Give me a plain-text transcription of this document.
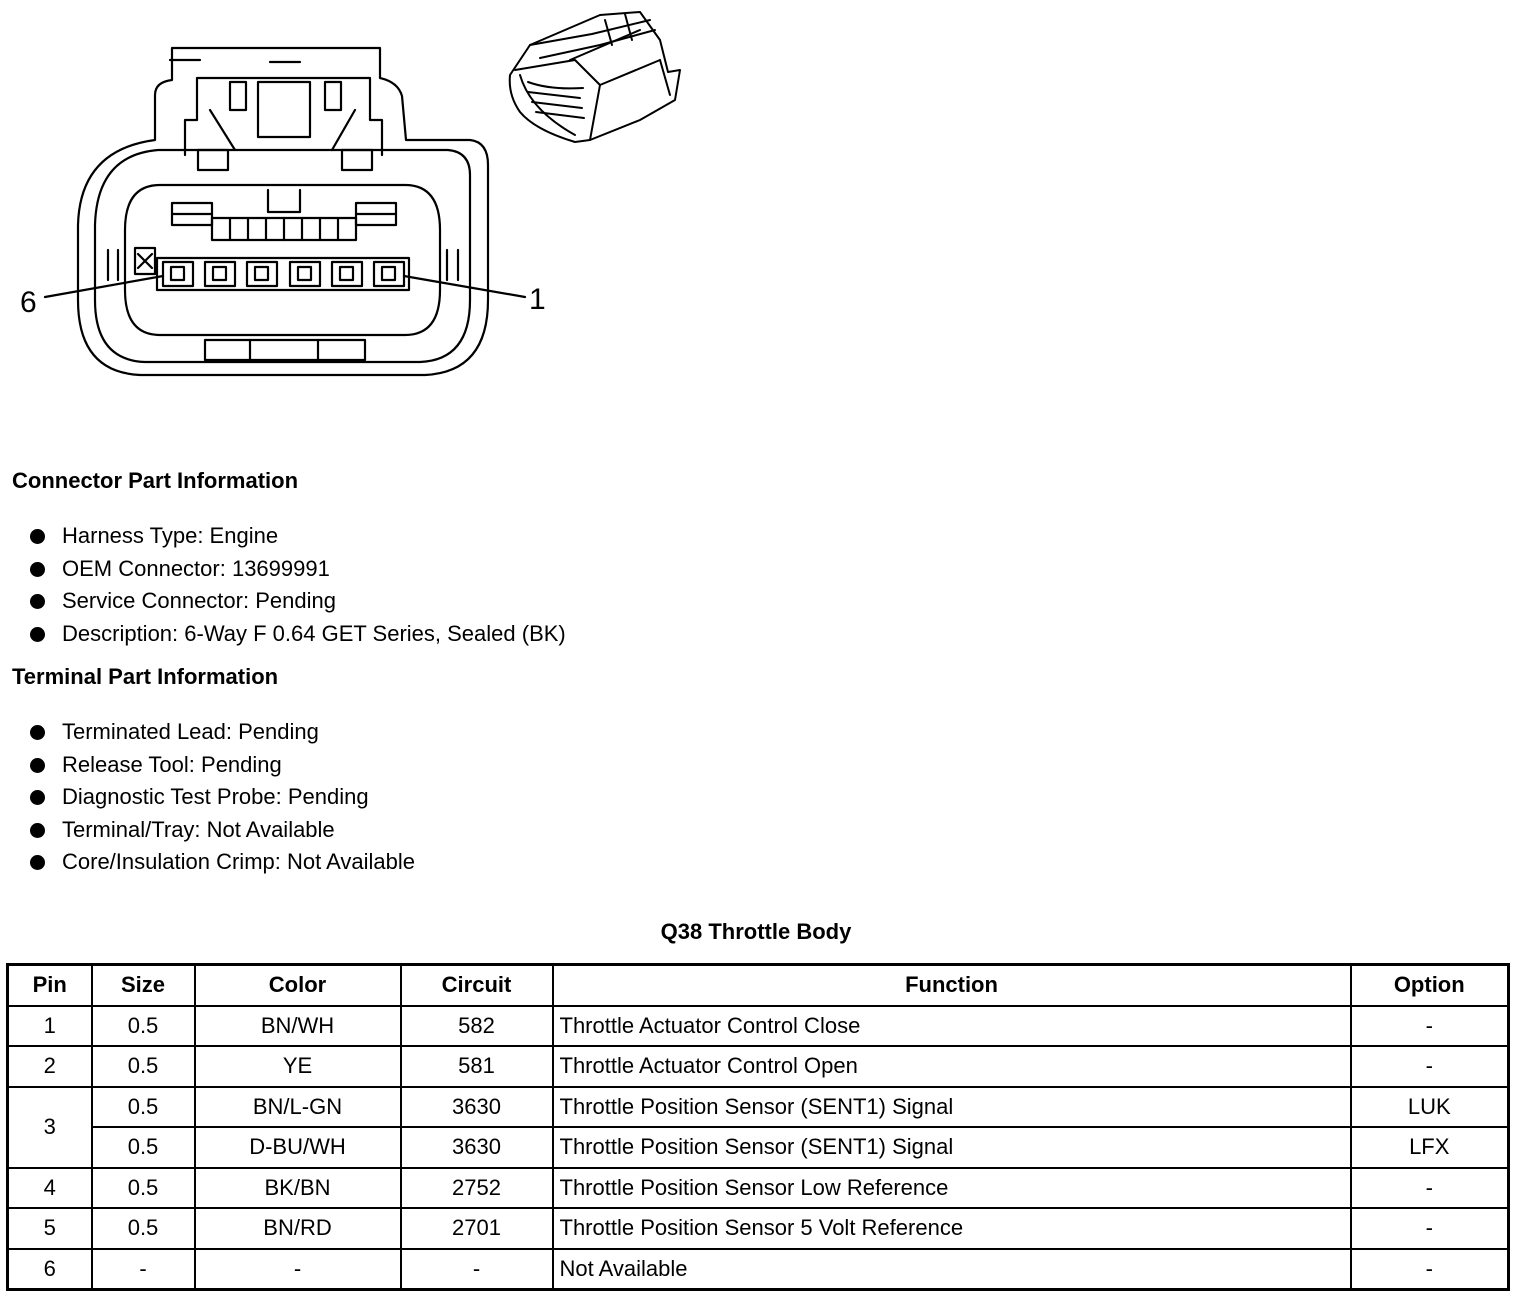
6	1
Connector Part Information
Harness Type: Engine
OEM Connector: 13699991
Service Connector: Pending
Description: 6-Way F 0.64 GET Series, Sealed (BK)
Terminal Part Information
Terminated Lead: Pending
Release Tool: Pending
Diagnostic Test Probe: Pending
Terminal/Tray: Not Available
Core/Insulation Crimp: Not Available
Q38 Throttle Body
Pin	Size	Color	Circuit	Function	Option
1	0.5	BN/WH	582	Throttle Actuator Control Close	-
2	0.5	YE	581	Throttle Actuator Control Open	-
3	0.5	BN/L-GN	3630	Throttle Position Sensor (SENT1) Signal	LUK
	0.5	D-BU/WH	3630	Throttle Position Sensor (SENT1) Signal	LFX
4	0.5	BK/BN	2752	Throttle Position Sensor Low Reference	-
5	0.5	BN/RD	2701	Throttle Position Sensor 5 Volt Reference	-
6	-	-	-	Not Available	-
